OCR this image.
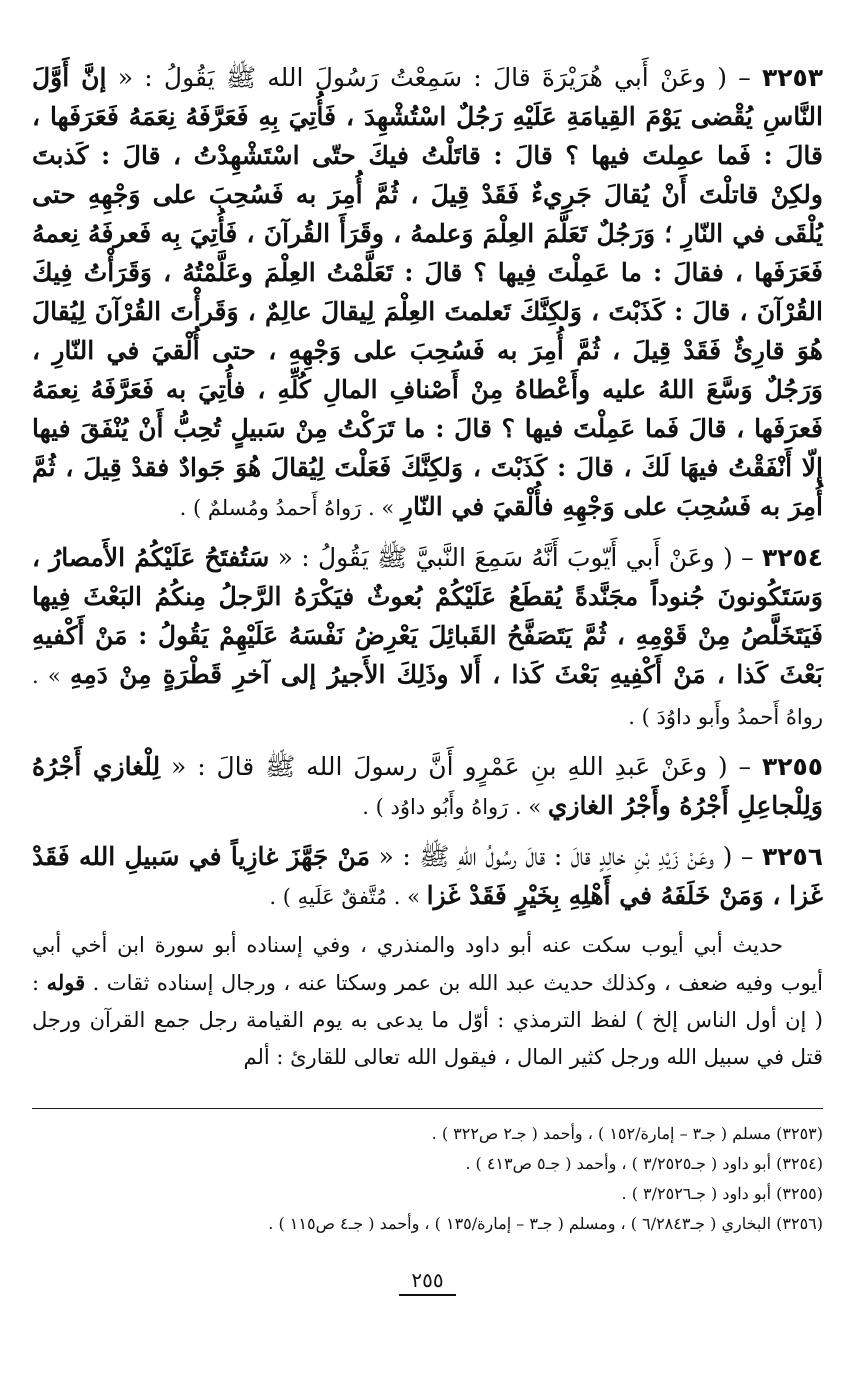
٣٢٥٣ – ( وعَنْ أَبي هُرَيْرَةَ قالَ : سَمِعْتُ رَسُولَ الله ﷺ يَقُولُ : « إنَّ أَوَّلَ النَّاسِ يُقْضى يَوْمَ القِيامَةِ عَلَيْهِ رَجُلٌ اسْتُشْهِدَ ، فَأُتِيَ بِهِ فَعَرَّفَهُ نِعَمَهُ فَعَرَفَها ، قالَ : فَما عمِلتَ فيها ؟ قالَ : قاتَلْتُ فيكَ حتّى اسْتَشْهِدْتُ ، قالَ : كَذبتَ ولكِنْ قاتلْتَ أَنْ يُقالَ جَرِيءٌ فَقَدْ قِيلَ ، ثُمَّ أُمِرَ به فَسُحِبَ على وَجْهِهِ حتى يُلْقَى في النّارِ ؛ وَرَجُلٌ تَعَلَّمَ العِلْمَ وَعلمهُ ، وقَرَأَ القُرآنَ ، فَأُتِيَ بِه فَعرفَهُ نِعمهُ فَعَرَفَها ، فقالَ : ما عَمِلْتَ فِيها ؟ قالَ : تَعَلَّمْتُ العِلْمَ وعَلَّمْتُهُ ، وَقَرَأْتُ فِيكَ القُرْآنَ ، قالَ : كَذَبْتَ ، وَلكِنَّكَ تَعلمتَ العِلْمَ لِيقالَ عالِمٌ ، وَقَرأْتَ القُرْآنَ لِيُقالَ هُوَ قارِئٌ فَقَدْ قِيلَ ، ثُمَّ أُمِرَ به فَسُحِبَ على وَجْهِهِ ، حتى أُلْقيَ في النّارِ ، وَرَجُلٌ وَسَّعَ اللهُ عليه وأَعْطاهُ مِنْ أَصْنافِ المالِ كُلِّهِ ، فأُتِيَ به فَعَرَّفَهُ نِعمَهُ فَعرَفَها ، قالَ فَما عَمِلْتَ فيها ؟ قالَ : ما تَرَكْتُ مِنْ سَبيلٍ تُحِبُّ أَنْ يُنْفَقَ فيها إلّا أَنْفَقْتُ فيهَا لَكَ ، قالَ : كَذَبْتَ ، وَلكِنَّكَ فَعَلْتَ لِيُقالَ هُوَ جَوادٌ فقدْ قِيلَ ، ثُمَّ أُمِرَ به فَسُحِبَ على وَجْهِهِ فأُلْقيَ في النّارِ » . رَواهُ أَحمدُ ومُسلمٌ ) .

٣٢٥٤ – ( وعَنْ أَبي أَيّوبَ أَنَّهُ سَمِعَ النَّبيَّ ﷺ يَقُولُ : « سَتُفتَحُ عَلَيْكُمُ الأَمصارُ ، وَسَتَكُونونَ جُنوداً مجَنَّدةً يُقطَعُ عَلَيْكُمْ بُعوثٌ فيَكْرَهُ الرَّجلُ مِنكُمُ البَعْثَ فِيها فَيَتَخَلَّصُ مِنْ قَوْمِهِ ، ثُمَّ يَتَصَفَّحُ القَبائِلَ يَعْرِضُ نَفْسَهُ عَلَيْهِمْ يَقُولُ : مَنْ أَكْفيهِ بَعْثَ كَذا ، مَنْ أَكْفِيهِ بَعْثَ كَذا ، أَلا وذَلِكَ الأَجيرُ إلى آخرِ قَطْرَةٍ مِنْ دَمِهِ » . رواهُ أَحمدُ وأَبو داوُدَ ) .

٣٢٥٥ – ( وعَنْ عَبدِ اللهِ بنِ عَمْرٍو أَنَّ رسولَ الله ﷺ قالَ : « لِلْغازي أَجْرُهُ وَلِلْجاعِلِ أَجْرُهُ وأَجْرُ الغازي » . رَواهُ وأَبُو داوُد ) .

٣٢٥٦ – ( وعَنْ زَيْدِ بْنِ خالِدٍ قالَ : قالَ رسُولُ اللهِ ﷺ : « مَنْ جَهَّزَ غازِياً في سَبيلِ الله فَقَدْ غَزا ، وَمَنْ خَلَفَهُ في أَهْلِهِ بِخَيْرٍ فَقَدْ غَزا » . مُتَّفقٌ عَلَيهِ ) .

حديث أبي أيوب سكت عنه أبو داود والمنذري ، وفي إسناده أبو سورة ابن أخي أبي أيوب وفيه ضعف ، وكذلك حديث عبد الله بن عمر وسكتا عنه ، ورجال إسناده ثقات . قوله : ( إن أول الناس إلخ ) لفظ الترمذي : أوّل ما يدعى به يوم القيامة رجل جمع القرآن ورجل قتل في سبيل الله ورجل كثير المال ، فيقول الله تعالى للقارئ : ألم

(٣٢٥٣) مسلم ( جـ٣ – إمارة/١٥٢ ) ، وأحمد ( جـ٢ ص٣٢٢ ) .
(٣٢٥٤) أبو داود ( جـ٣/٢٥٢٥ ) ، وأحمد ( جـ٥ ص٤١٣ ) .
(٣٢٥٥) أبو داود ( جـ٣/٢٥٢٦ ) .
(٣٢٥٦) البخاري ( جـ٦/٢٨٤٣ ) ، ومسلم ( جـ٣ – إمارة/١٣٥ ) ، وأحمد ( جـ٤ ص١١٥ ) .
٢٥٥
